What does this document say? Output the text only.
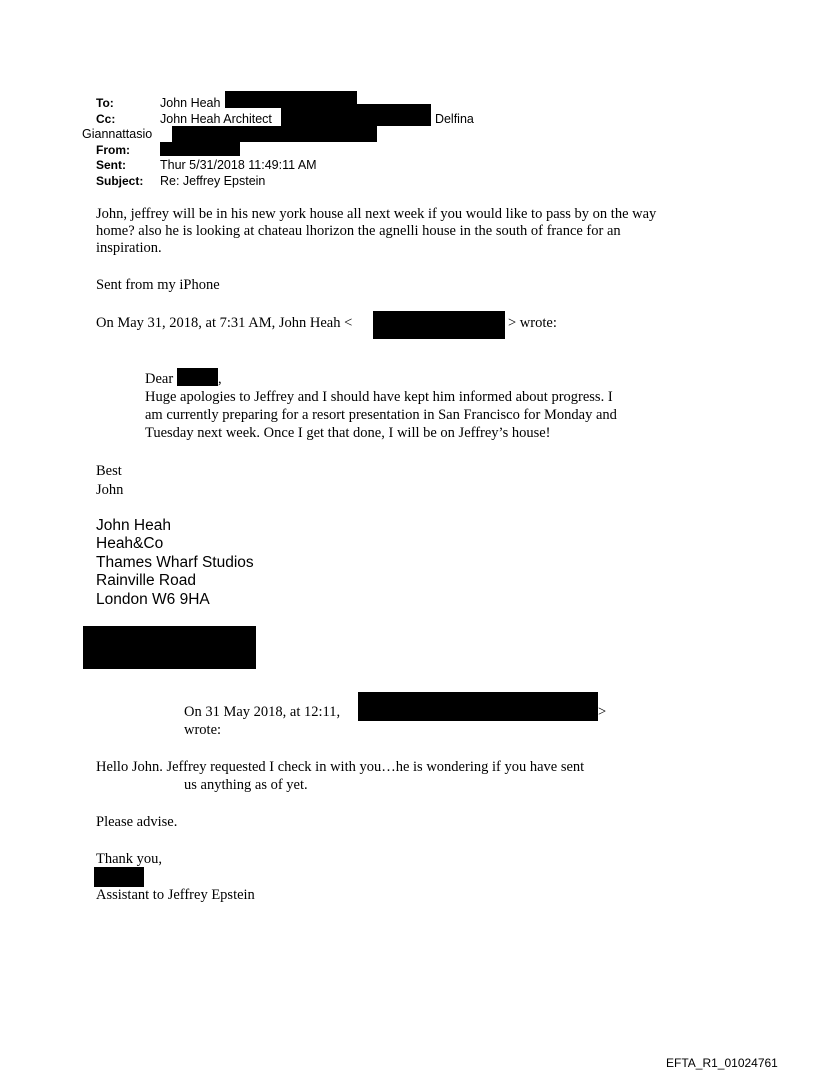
To:	John Heah
Cc:	John Heah Architect	; Delfina
Giannattasio
From:
Sent:	Thur 5/31/2018 11:49:11 AM
Subject: Re: Jeffrey Epstein
John, jeffrey will be in his new york house all next week if you would like to pass by on the way
home? also he is looking at chateau lhorizon the agnelli house in the south of france for an
inspiration.
Sent from my iPhone
On May 31, 2018, at 7:31 AM, John Heah <	> wrote:
Dear	,
Huge apologies to Jeffrey and I should have kept him informed about progress. I
am currently preparing for a resort presentation in San Francisco for Monday and
Tuesday next week. Once I get that done, I will be on Jeffrey’s house!
Best
John
John Heah
Heah&Co
Thames Wharf Studios
Rainville Road
London W6 9HA
On 31 May 2018, at 12:11,	>
wrote:
Hello John. Jeffrey requested I check in with you…he is wondering if you have sent
us anything as of yet.
Please advise.
Thank you,
Assistant to Jeffrey Epstein
EFTA_R1_01024761
